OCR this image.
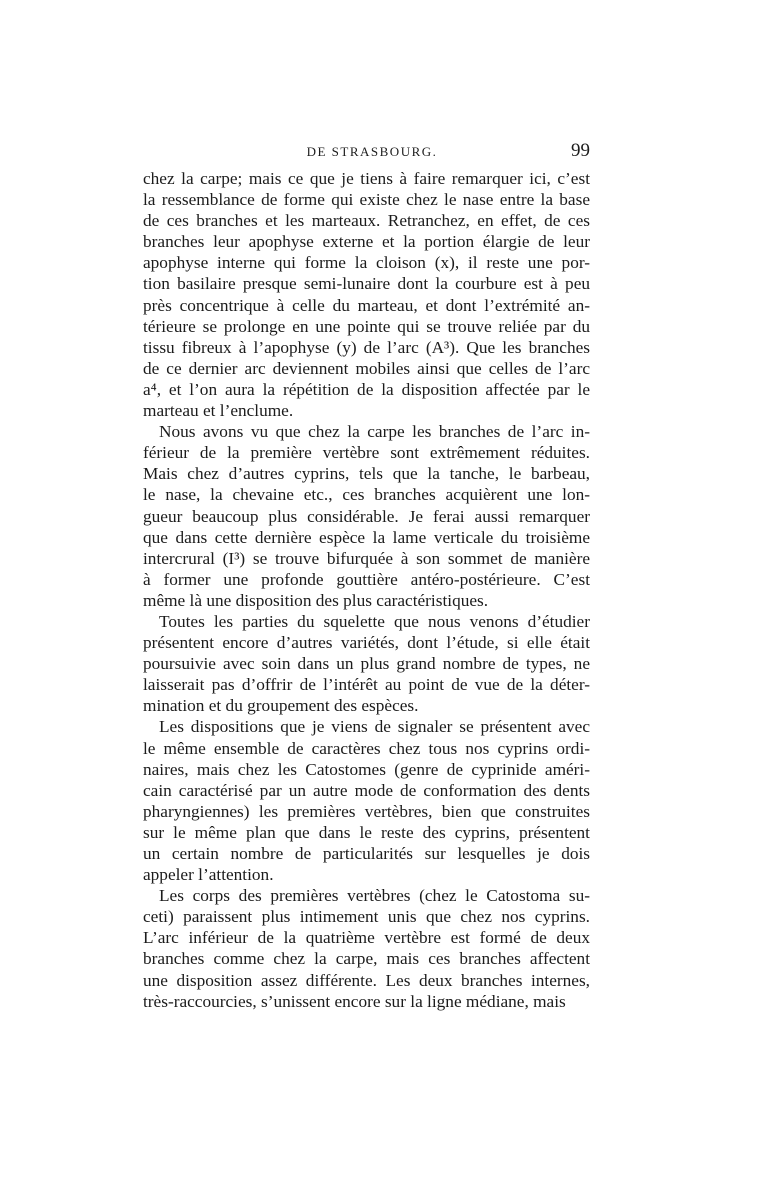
DE STRASBOURG.	99
chez la carpe; mais ce que je tiens à faire remarquer ici, c’est
la ressemblance de forme qui existe chez le nase entre la base
de ces branches et les marteaux. Retranchez, en effet, de ces
branches leur apophyse externe et la portion élargie de leur
apophyse interne qui forme la cloison (x), il reste une por-
tion basilaire presque semi-lunaire dont la courbure est à peu
près concentrique à celle du marteau, et dont l’extrémité an-
térieure se prolonge en une pointe qui se trouve reliée par du
tissu fibreux à l’apophyse (y) de l’arc (A³). Que les branches
de ce dernier arc deviennent mobiles ainsi que celles de l’arc
a⁴, et l’on aura la répétition de la disposition affectée par le
marteau et l’enclume.
Nous avons vu que chez la carpe les branches de l’arc in-
férieur de la première vertèbre sont extrêmement réduites.
Mais chez d’autres cyprins, tels que la tanche, le barbeau,
le nase, la chevaine etc., ces branches acquièrent une lon-
gueur beaucoup plus considérable. Je ferai aussi remarquer
que dans cette dernière espèce la lame verticale du troisième
intercrural (I³) se trouve bifurquée à son sommet de manière
à former une profonde gouttière antéro-postérieure. C’est
même là une disposition des plus caractéristiques.
Toutes les parties du squelette que nous venons d’étudier
présentent encore d’autres variétés, dont l’étude, si elle était
poursuivie avec soin dans un plus grand nombre de types, ne
laisserait pas d’offrir de l’intérêt au point de vue de la déter-
mination et du groupement des espèces.
Les dispositions que je viens de signaler se présentent avec
le même ensemble de caractères chez tous nos cyprins ordi-
naires, mais chez les Catostomes (genre de cyprinide améri-
cain caractérisé par un autre mode de conformation des dents
pharyngiennes) les premières vertèbres, bien que construites
sur le même plan que dans le reste des cyprins, présentent
un certain nombre de particularités sur lesquelles je dois
appeler l’attention.
Les corps des premières vertèbres (chez le Catostoma su-
ceti) paraissent plus intimement unis que chez nos cyprins.
L’arc inférieur de la quatrième vertèbre est formé de deux
branches comme chez la carpe, mais ces branches affectent
une disposition assez différente. Les deux branches internes,
très-raccourcies, s’unissent encore sur la ligne médiane, mais
